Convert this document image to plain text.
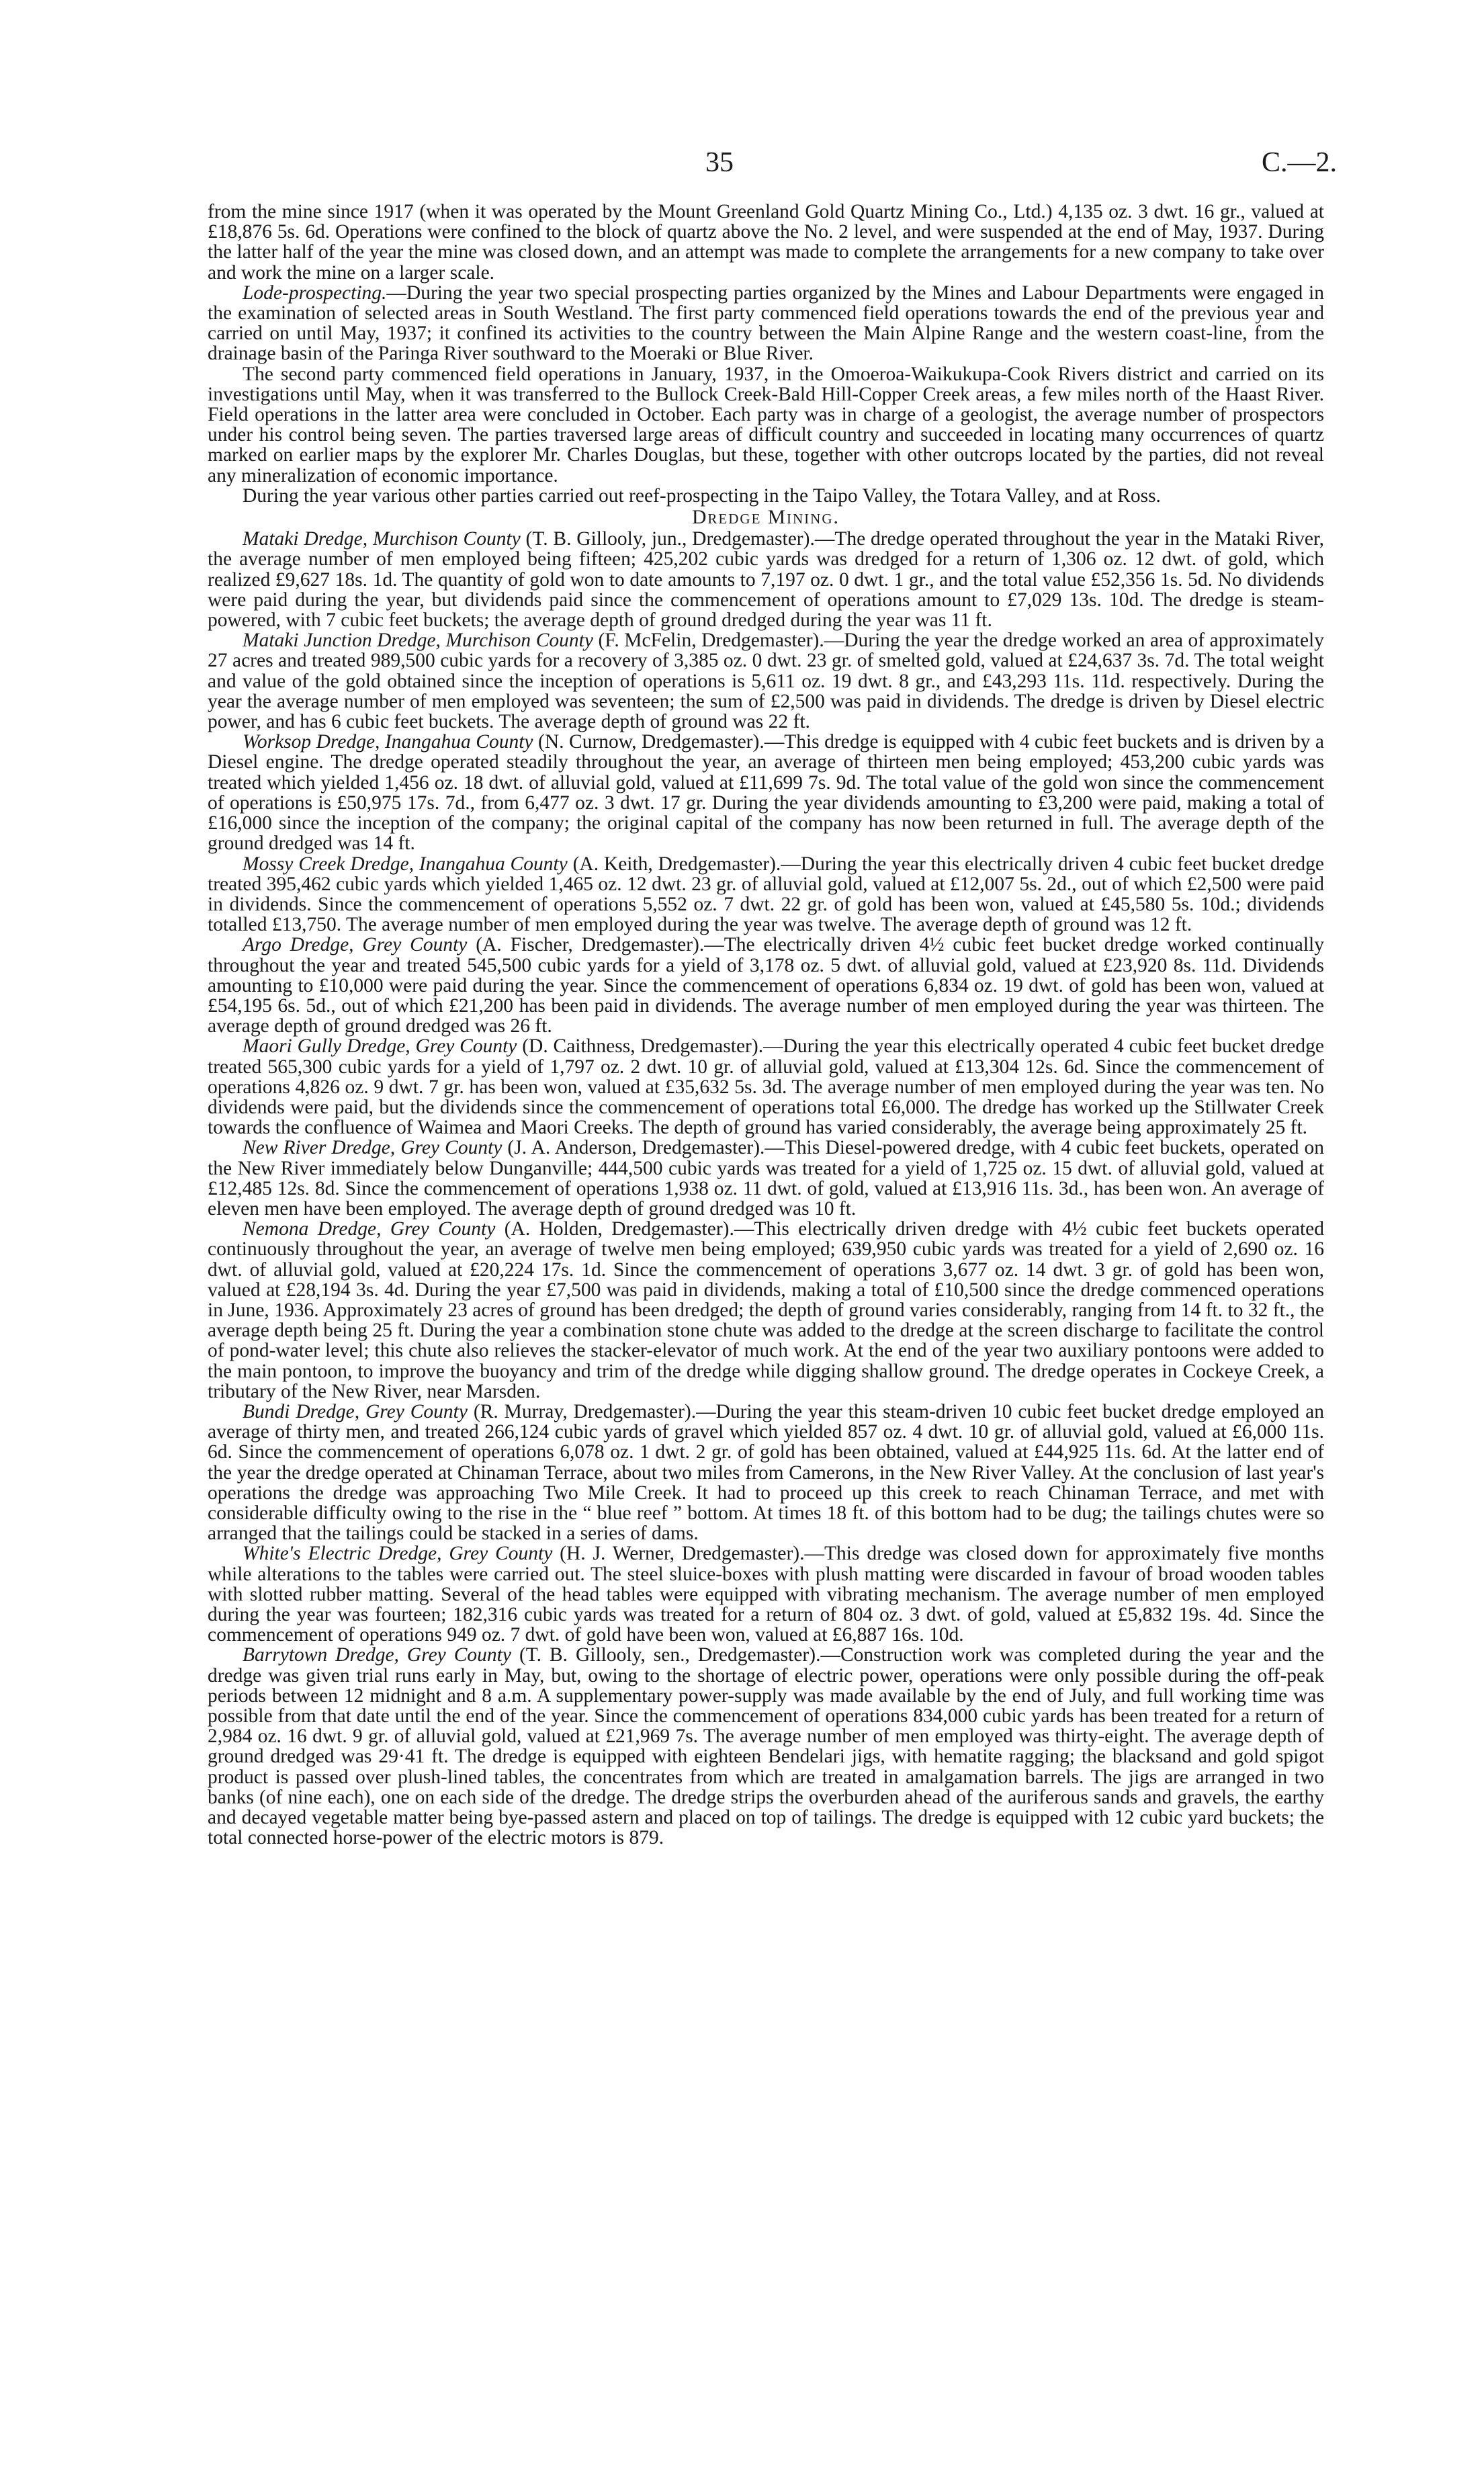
35	C.—2.

from the mine since 1917 (when it was operated by the Mount Greenland Gold Quartz Mining Co., Ltd.) 4,135 oz. 3 dwt. 16 gr., valued at £18,876 5s. 6d. Operations were confined to the block of quartz above the No. 2 level, and were suspended at the end of May, 1937. During the latter half of the year the mine was closed down, and an attempt was made to complete the arrangements for a new company to take over and work the mine on a larger scale.

Lode-prospecting.—During the year two special prospecting parties organized by the Mines and Labour Departments were engaged in the examination of selected areas in South Westland. The first party commenced field operations towards the end of the previous year and carried on until May, 1937; it confined its activities to the country between the Main Alpine Range and the western coast-line, from the drainage basin of the Paringa River southward to the Moeraki or Blue River.

The second party commenced field operations in January, 1937, in the Omoeroa-Waikukupa-Cook Rivers district and carried on its investigations until May, when it was transferred to the Bullock Creek-Bald Hill-Copper Creek areas, a few miles north of the Haast River. Field operations in the latter area were concluded in October. Each party was in charge of a geologist, the average number of prospectors under his control being seven. The parties traversed large areas of difficult country and succeeded in locating many occurrences of quartz marked on earlier maps by the explorer Mr. Charles Douglas, but these, together with other outcrops located by the parties, did not reveal any mineralization of economic importance.

During the year various other parties carried out reef-prospecting in the Taipo Valley, the Totara Valley, and at Ross.

Dredge Mining.

Mataki Dredge, Murchison County (T. B. Gillooly, jun., Dredgemaster).—The dredge operated throughout the year in the Mataki River, the average number of men employed being fifteen; 425,202 cubic yards was dredged for a return of 1,306 oz. 12 dwt. of gold, which realized £9,627 18s. 1d. The quantity of gold won to date amounts to 7,197 oz. 0 dwt. 1 gr., and the total value £52,356 1s. 5d. No dividends were paid during the year, but dividends paid since the commencement of operations amount to £7,029 13s. 10d. The dredge is steam-powered, with 7 cubic feet buckets; the average depth of ground dredged during the year was 11 ft.

Mataki Junction Dredge, Murchison County (F. McFelin, Dredgemaster).—During the year the dredge worked an area of approximately 27 acres and treated 989,500 cubic yards for a recovery of 3,385 oz. 0 dwt. 23 gr. of smelted gold, valued at £24,637 3s. 7d. The total weight and value of the gold obtained since the inception of operations is 5,611 oz. 19 dwt. 8 gr., and £43,293 11s. 11d. respectively. During the year the average number of men employed was seventeen; the sum of £2,500 was paid in dividends. The dredge is driven by Diesel electric power, and has 6 cubic feet buckets. The average depth of ground was 22 ft.

Worksop Dredge, Inangahua County (N. Curnow, Dredgemaster).—This dredge is equipped with 4 cubic feet buckets and is driven by a Diesel engine. The dredge operated steadily throughout the year, an average of thirteen men being employed; 453,200 cubic yards was treated which yielded 1,456 oz. 18 dwt. of alluvial gold, valued at £11,699 7s. 9d. The total value of the gold won since the commencement of operations is £50,975 17s. 7d., from 6,477 oz. 3 dwt. 17 gr. During the year dividends amounting to £3,200 were paid, making a total of £16,000 since the inception of the company; the original capital of the company has now been returned in full. The average depth of the ground dredged was 14 ft.

Mossy Creek Dredge, Inangahua County (A. Keith, Dredgemaster).—During the year this electrically driven 4 cubic feet bucket dredge treated 395,462 cubic yards which yielded 1,465 oz. 12 dwt. 23 gr. of alluvial gold, valued at £12,007 5s. 2d., out of which £2,500 were paid in dividends. Since the commencement of operations 5,552 oz. 7 dwt. 22 gr. of gold has been won, valued at £45,580 5s. 10d.; dividends totalled £13,750. The average number of men employed during the year was twelve. The average depth of ground was 12 ft.

Argo Dredge, Grey County (A. Fischer, Dredgemaster).—The electrically driven 4½ cubic feet bucket dredge worked continually throughout the year and treated 545,500 cubic yards for a yield of 3,178 oz. 5 dwt. of alluvial gold, valued at £23,920 8s. 11d. Dividends amounting to £10,000 were paid during the year. Since the commencement of operations 6,834 oz. 19 dwt. of gold has been won, valued at £54,195 6s. 5d., out of which £21,200 has been paid in dividends. The average number of men employed during the year was thirteen. The average depth of ground dredged was 26 ft.

Maori Gully Dredge, Grey County (D. Caithness, Dredgemaster).—During the year this electrically operated 4 cubic feet bucket dredge treated 565,300 cubic yards for a yield of 1,797 oz. 2 dwt. 10 gr. of alluvial gold, valued at £13,304 12s. 6d. Since the commencement of operations 4,826 oz. 9 dwt. 7 gr. has been won, valued at £35,632 5s. 3d. The average number of men employed during the year was ten. No dividends were paid, but the dividends since the commencement of operations total £6,000. The dredge has worked up the Stillwater Creek towards the confluence of Waimea and Maori Creeks. The depth of ground has varied considerably, the average being approximately 25 ft.

New River Dredge, Grey County (J. A. Anderson, Dredgemaster).—This Diesel-powered dredge, with 4 cubic feet buckets, operated on the New River immediately below Dunganville; 444,500 cubic yards was treated for a yield of 1,725 oz. 15 dwt. of alluvial gold, valued at £12,485 12s. 8d. Since the commencement of operations 1,938 oz. 11 dwt. of gold, valued at £13,916 11s. 3d., has been won. An average of eleven men have been employed. The average depth of ground dredged was 10 ft.

Nemona Dredge, Grey County (A. Holden, Dredgemaster).—This electrically driven dredge with 4½ cubic feet buckets operated continuously throughout the year, an average of twelve men being employed; 639,950 cubic yards was treated for a yield of 2,690 oz. 16 dwt. of alluvial gold, valued at £20,224 17s. 1d. Since the commencement of operations 3,677 oz. 14 dwt. 3 gr. of gold has been won, valued at £28,194 3s. 4d. During the year £7,500 was paid in dividends, making a total of £10,500 since the dredge commenced operations in June, 1936. Approximately 23 acres of ground has been dredged; the depth of ground varies considerably, ranging from 14 ft. to 32 ft., the average depth being 25 ft. During the year a combination stone chute was added to the dredge at the screen discharge to facilitate the control of pond-water level; this chute also relieves the stacker-elevator of much work. At the end of the year two auxiliary pontoons were added to the main pontoon, to improve the buoyancy and trim of the dredge while digging shallow ground. The dredge operates in Cockeye Creek, a tributary of the New River, near Marsden.

Bundi Dredge, Grey County (R. Murray, Dredgemaster).—During the year this steam-driven 10 cubic feet bucket dredge employed an average of thirty men, and treated 266,124 cubic yards of gravel which yielded 857 oz. 4 dwt. 10 gr. of alluvial gold, valued at £6,000 11s. 6d. Since the commencement of operations 6,078 oz. 1 dwt. 2 gr. of gold has been obtained, valued at £44,925 11s. 6d. At the latter end of the year the dredge operated at Chinaman Terrace, about two miles from Camerons, in the New River Valley. At the conclusion of last year's operations the dredge was approaching Two Mile Creek. It had to proceed up this creek to reach Chinaman Terrace, and met with considerable difficulty owing to the rise in the “ blue reef ” bottom. At times 18 ft. of this bottom had to be dug; the tailings chutes were so arranged that the tailings could be stacked in a series of dams.

White's Electric Dredge, Grey County (H. J. Werner, Dredgemaster).—This dredge was closed down for approximately five months while alterations to the tables were carried out. The steel sluice-boxes with plush matting were discarded in favour of broad wooden tables with slotted rubber matting. Several of the head tables were equipped with vibrating mechanism. The average number of men employed during the year was fourteen; 182,316 cubic yards was treated for a return of 804 oz. 3 dwt. of gold, valued at £5,832 19s. 4d. Since the commencement of operations 949 oz. 7 dwt. of gold have been won, valued at £6,887 16s. 10d.

Barrytown Dredge, Grey County (T. B. Gillooly, sen., Dredgemaster).—Construction work was completed during the year and the dredge was given trial runs early in May, but, owing to the shortage of electric power, operations were only possible during the off-peak periods between 12 midnight and 8 a.m. A supplementary power-supply was made available by the end of July, and full working time was possible from that date until the end of the year. Since the commencement of operations 834,000 cubic yards has been treated for a return of 2,984 oz. 16 dwt. 9 gr. of alluvial gold, valued at £21,969 7s. The average number of men employed was thirty-eight. The average depth of ground dredged was 29·41 ft. The dredge is equipped with eighteen Bendelari jigs, with hematite ragging; the blacksand and gold spigot product is passed over plush-lined tables, the concentrates from which are treated in amalgamation barrels. The jigs are arranged in two banks (of nine each), one on each side of the dredge. The dredge strips the overburden ahead of the auriferous sands and gravels, the earthy and decayed vegetable matter being bye-passed astern and placed on top of tailings. The dredge is equipped with 12 cubic yard buckets; the total connected horse-power of the electric motors is 879.
